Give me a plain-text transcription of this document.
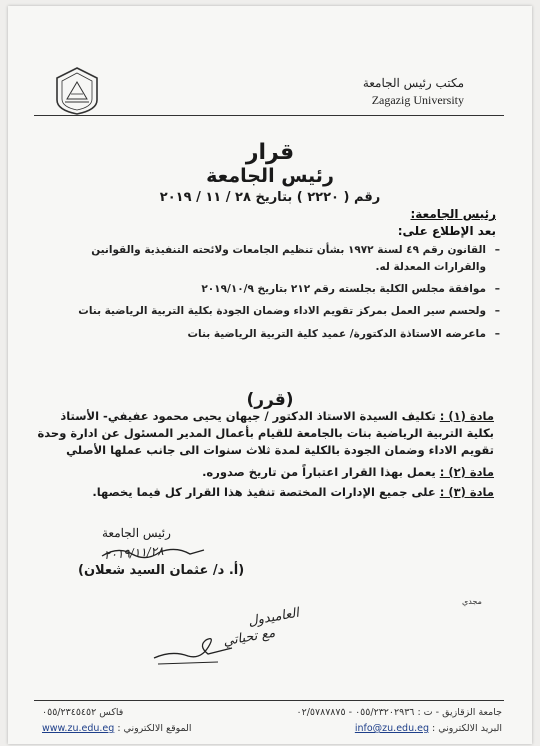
مكتب رئيس الجامعة
Zagazig University
قرار
رئيس الجامعة
رقم ( ٢٢٢٠ ) بتاريخ ٢٨ / ١١ / ٢٠١٩
رئيس الجامعة:
بعد الإطلاع على:
– القانون رقم ٤٩ لسنة ١٩٧٢ بشأن تنظيم الجامعات ولائحته التنفيذية والقوانين والقرارات المعدلة له.
– موافقة مجلس الكلية بجلسته رقم ٢١٢ بتاريخ ٢٠١٩/١٠/٩
– ولحسم سير العمل بمركز تقويم الاداء وضمان الجودة بكلية التربية الرياضية بنات
– ماعرضه الاستاذة الدكتورة/ عميد كلية التربية الرياضية بنات
(قرر)
مادة (١) : تكليف السيدة الاستاذ الدكتور / جيهان يحيى محمود عفيفي- الأستاذ بكلية التربية الرياضية بنات بالجامعة للقيام بأعمال المدير المسئول عن ادارة وحدة تقويم الاداء وضمان الجودة بالكلية لمدة ثلاث سنوات الى جانب عملها الأصلي
مادة (٢) : يعمل بهذا القرار اعتباراً من تاريخ صدوره.
مادة (٣) : على جميع الإدارات المختصة تنفيذ هذا القرار كل فيما يخصها.
رئيس الجامعة
٢٠١٩/١١/٢٨
(أ. د/ عثمان السيد شعلان)
مجدي
العاميدول
مع تحياتي
جامعة الزقازيق - ت : ٠٥٥/٢٣٢٠٢٩٣٦ - ٠٢/٥٧٨٧٨٧٥
فاكس ٠٥٥/٢٣٤٥٤٥٢
البريد الالكتروني : info@zu.edu.eg
الموقع الالكتروني : www.zu.edu.eg
